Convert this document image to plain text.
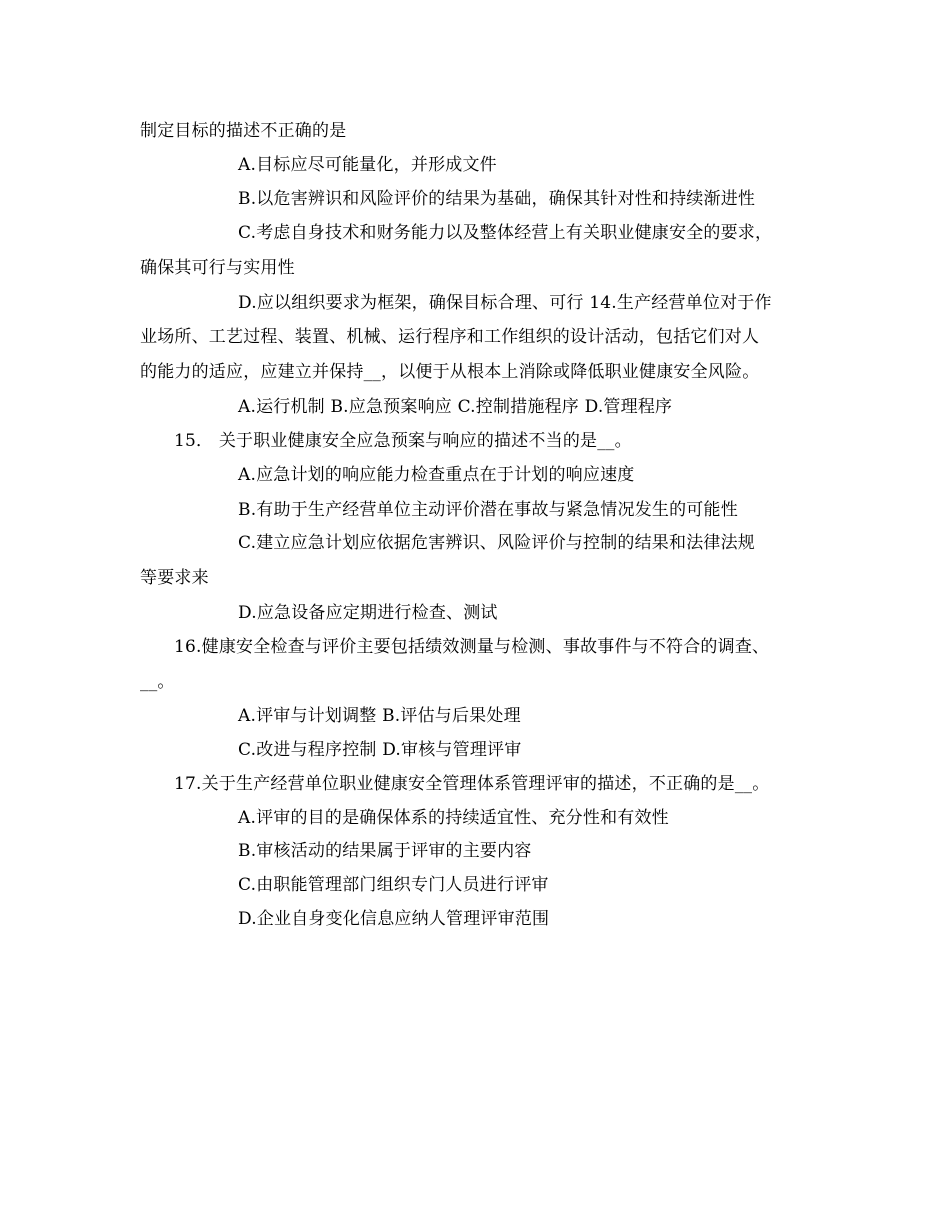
制定目标的描述不正确的是
A.目标应尽可能量化，并形成文件
B.以危害辨识和风险评价的结果为基础，确保其针对性和持续渐进性
C.考虑自身技术和财务能力以及整体经营上有关职业健康安全的要求，
确保其可行与实用性
D.应以组织要求为框架，确保目标合理、可行 14.生产经营单位对于作
业场所、工艺过程、装置、机械、运行程序和工作组织的设计活动，包括它们对人
的能力的适应，应建立并保持__，以便于从根本上消除或降低职业健康安全风险。
A.运行机制 B.应急预案响应 C.控制措施程序 D.管理程序
15． 关于职业健康安全应急预案与响应的描述不当的是__。
A.应急计划的响应能力检查重点在于计划的响应速度
B.有助于生产经营单位主动评价潜在事故与紧急情况发生的可能性
C.建立应急计划应依据危害辨识、风险评价与控制的结果和法律法规
等要求来
D.应急设备应定期进行检查、测试
16.健康安全检查与评价主要包括绩效测量与检测、事故事件与不符合的调查、
__。
A.评审与计划调整 B.评估与后果处理
C.改进与程序控制 D.审核与管理评审
17.关于生产经营单位职业健康安全管理体系管理评审的描述，不正确的是__。
A.评审的目的是确保体系的持续适宜性、充分性和有效性
B.审核活动的结果属于评审的主要内容
C.由职能管理部门组织专门人员进行评审
D.企业自身变化信息应纳人管理评审范围
